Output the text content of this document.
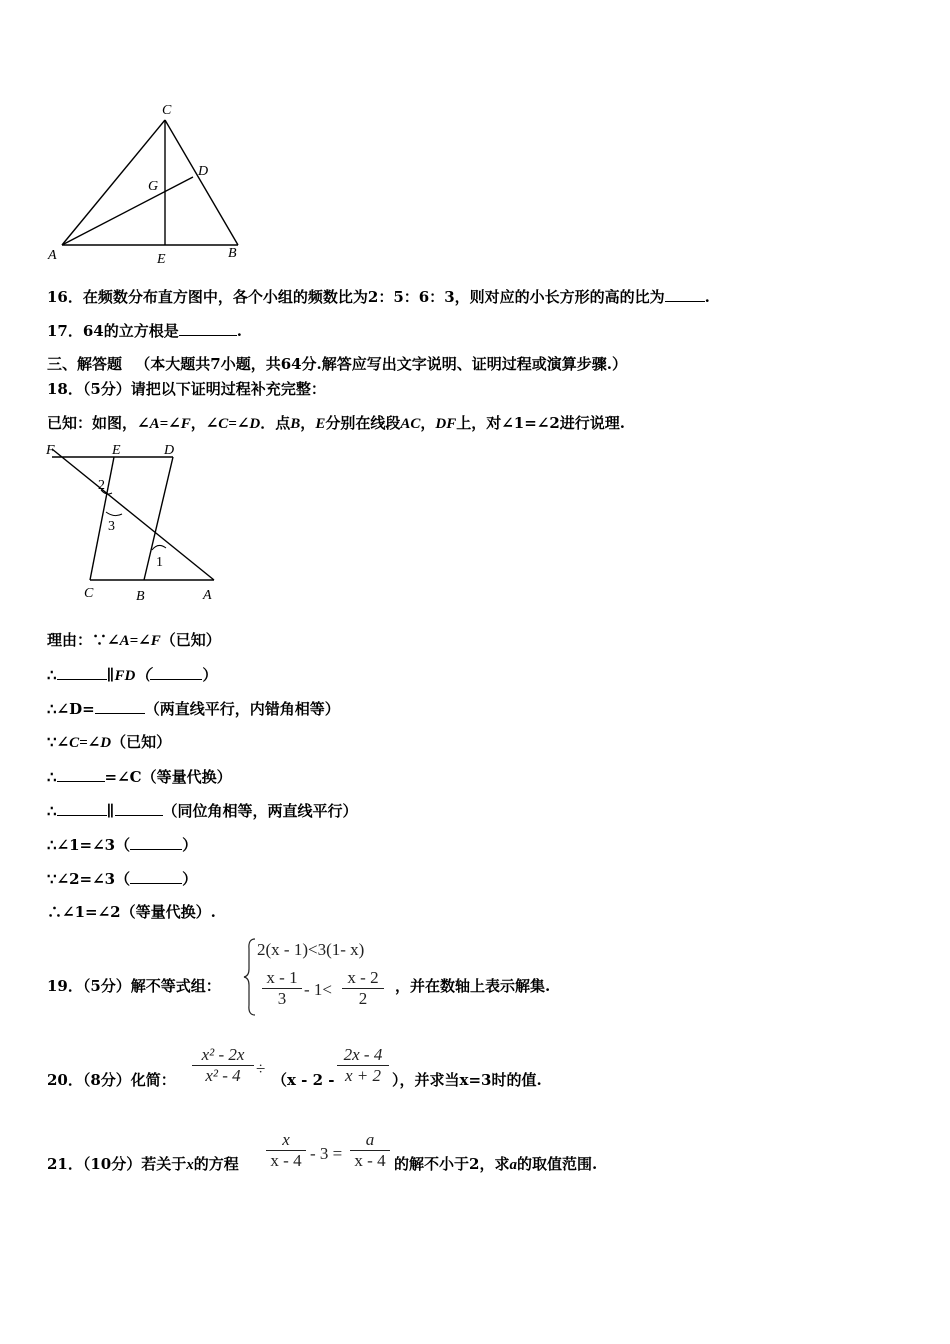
C
D
G
A	E	B
16．在频数分布直方图中，各个小组的频数比为2：5：6：3，则对应的小长方形的高的比为	.
17．64的立方根是	.
三、解答题 （本大题共7小题，共64分.解答应写出文字说明、证明过程或演算步骤.）
18．（5分）请把以下证明过程补充完整：
已知：如图，∠A=∠F，∠C=∠D．点B，E分别在线段AC，DF上，对∠1=∠2进行说理.
F	E	D
2
3
1
C	B	A
理由：∵∠A=∠F（已知）
∴	∥FD（	）
∴∠D=	（两直线平行，内错角相等）
∵∠C=∠D（已知）
∴	=∠C（等量代换）
∴	∥	（同位角相等，两直线平行）
∴∠1=∠3（	）
∵∠2=∠3（	）
∴∠1=∠2（等量代换）.
19．（5分）解不等式组：
2(x - 1)<3(1- x)
x - 1
3	- 1<
x - 2
2
，并在数轴上表示解集.
20．（8分）化简：
x² - 2x
x² - 4 ÷
（x - 2 -
2x - 4
x + 2 ），并求当x=3时的值.
21．（10分）若关于x的方程
x
x - 4 - 3 =
a
x - 4 的解不小于2，求a的取值范围.
